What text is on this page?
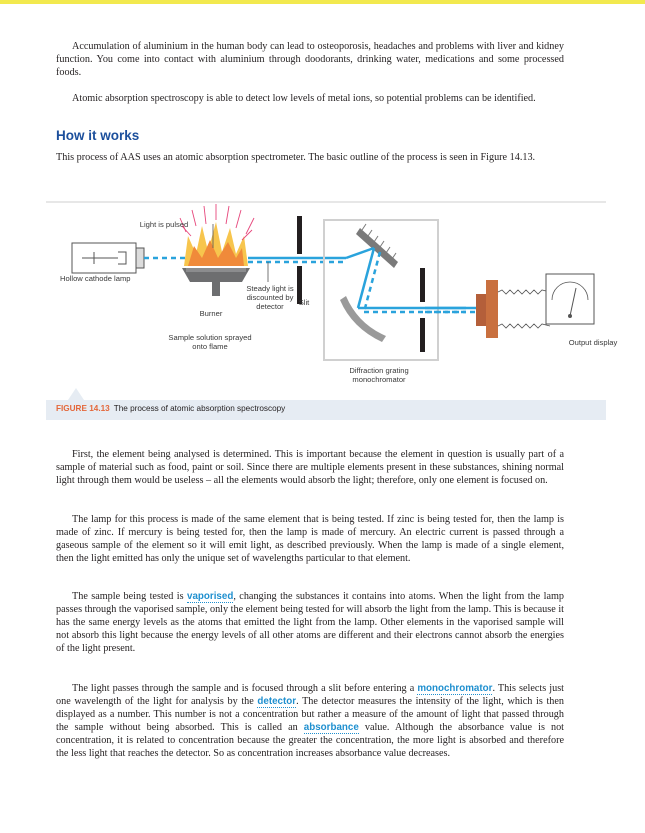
Accumulation of aluminium in the human body can lead to osteoporosis, headaches and problems with liver and kidney function. You come into contact with aluminium through doodorants, drinking water, medications and some processed foods.

Atomic absorption spectroscopy is able to detect low levels of metal ions, so potential problems can be identified.

How it works

This process of AAS uses an atomic absorption spectrometer. The basic outline of the process is seen in Figure 14.13.

Light is pulsed
Hollow cathode lamp
Steady light is discounted by detector	Slit
Burner
Sample solution sprayed onto flame	Output display
Diffraction grating monochromator
FIGURE 14.13 The process of atomic absorption spectroscopy

First, the element being analysed is determined. This is important because the element in question is usually part of a sample of material such as food, paint or soil. Since there are multiple elements present in these substances, shining normal light through them would be useless – all the elements would absorb the light; therefore, only one element is focused on.

The lamp for this process is made of the same element that is being tested. If zinc is being tested for, then the lamp is made of zinc. If mercury is being tested for, then the lamp is made of mercury. An electric current is passed through a gaseous sample of the element so it will emit light, as described previously. When the lamp is made of a single element, then the light emitted has only the unique set of wavelengths particular to that element.

The sample being tested is vaporised, changing the substances it contains into atoms. When the light from the lamp passes through the vaporised sample, only the element being tested for will absorb the light from the lamp. This is because it has the same energy levels as the atoms that emitted the light from the lamp. Other elements in the vaporised sample will not absorb this light because the energy levels of all other atoms are different and their electrons cannot absorb the energies of the light present.

The light passes through the sample and is focused through a slit before entering a monochromator. This selects just one wavelength of the light for analysis by the detector. The detector measures the intensity of the light, which is then displayed as a number. This number is not a concentration but rather a measure of the amount of light that passed through the sample without being absorbed. This is called an absorbance value. Although the absorbance value is not concentration, it is related to concentration because the greater the concentration, the more light is absorbed and therefore the less light that reaches the detector. So as concentration increases absorbance value decreases.
